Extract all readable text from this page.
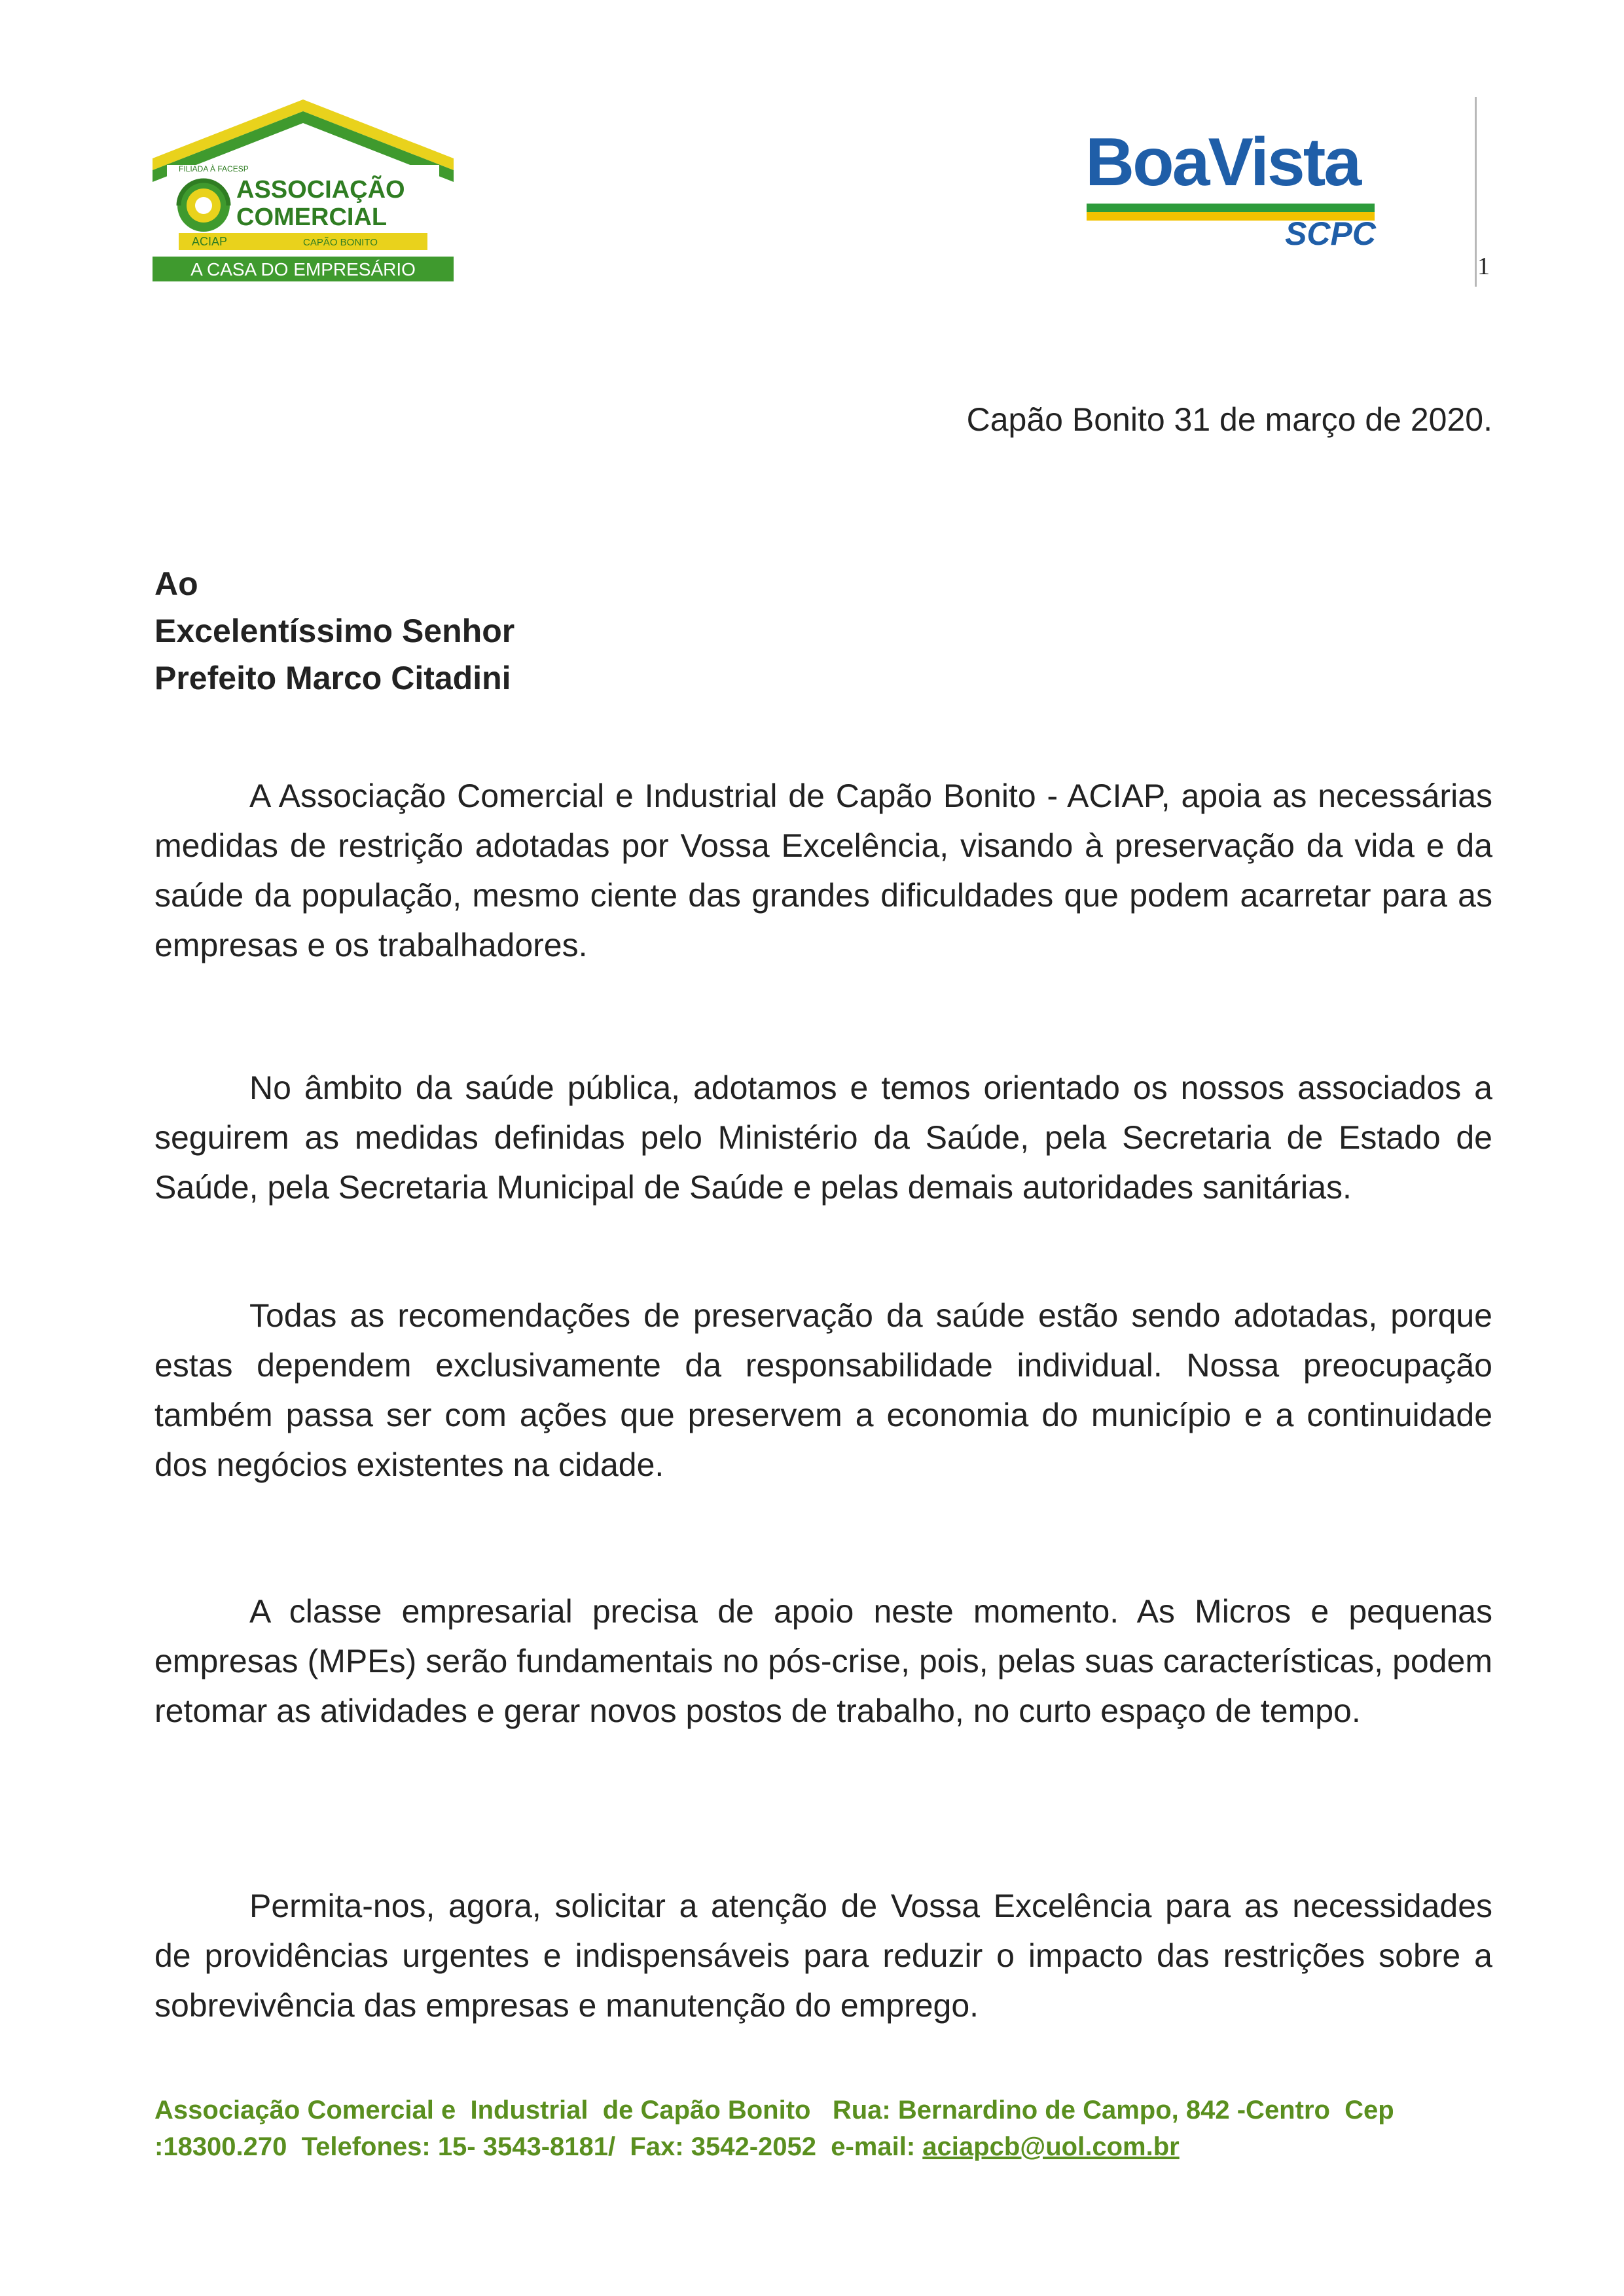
FILIADA À FACESP
ASSOCIAÇÃO
COMERCIAL
ACIAP	CAPÃO BONITO
A CASA DO EMPRESÁRIO
BoaVista
SCPC
1
Capão Bonito 31 de março de 2020.
Ao
Excelentíssimo Senhor
Prefeito Marco Citadini

A Associação Comercial e Industrial de Capão Bonito - ACIAP, apoia as necessárias medidas de restrição adotadas por Vossa Excelência, visando à preservação da vida e da saúde da população, mesmo ciente das grandes dificuldades que podem acarretar para as empresas e os trabalhadores.

No âmbito da saúde pública, adotamos e temos orientado os nossos associados a seguirem as medidas definidas pelo Ministério da Saúde, pela Secretaria de Estado de Saúde, pela Secretaria Municipal de Saúde e pelas demais autoridades sanitárias.

Todas as recomendações de preservação da saúde estão sendo adotadas, porque estas dependem exclusivamente da responsabilidade individual. Nossa preocupação também passa ser com ações que preservem a economia do município e a continuidade dos negócios existentes na cidade.

A classe empresarial precisa de apoio neste momento. As Micros e pequenas empresas (MPEs) serão fundamentais no pós-crise, pois, pelas suas características, podem retomar as atividades e gerar novos postos de trabalho, no curto espaço de tempo.

Permita-nos, agora, solicitar a atenção de Vossa Excelência para as necessidades de providências urgentes e indispensáveis para reduzir o impacto das restrições sobre a sobrevivência das empresas e manutenção do emprego.

Associação Comercial e  Industrial  de Capão Bonito   Rua: Bernardino de Campo, 842 -Centro  Cep
:18300.270  Telefones: 15- 3543-8181/  Fax: 3542-2052  e-mail: aciapcb@uol.com.br
